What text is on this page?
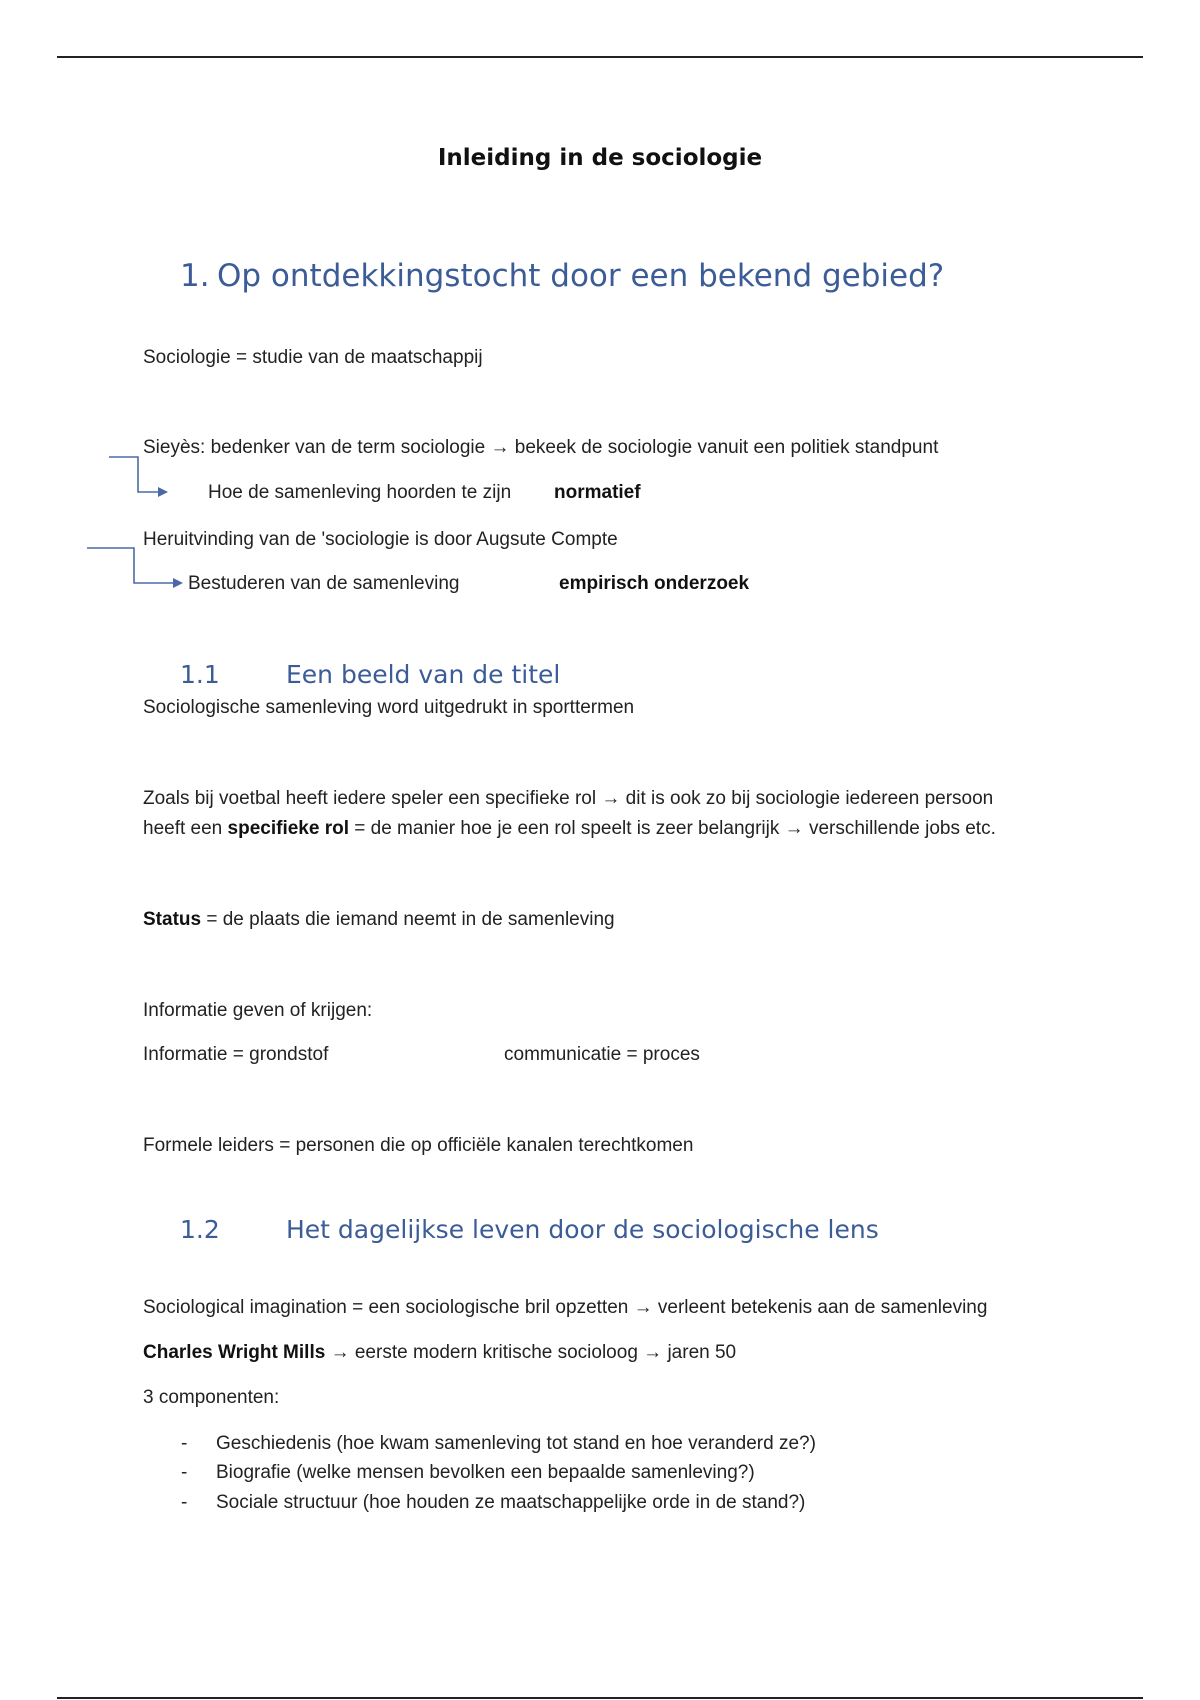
Inleiding in de sociologie
1. Op ontdekkingstocht door een bekend gebied?
Sociologie = studie van de maatschappij
Sieyès: bedenker van de term sociologie → bekeek de sociologie vanuit een politiek standpunt
Hoe de samenleving hoorden te zijn normatief
Heruitvinding van de 'sociologie is door Augsute Compte
Bestuderen van de samenleving	empirisch onderzoek
1.1	Een beeld van de titel
Sociologische samenleving word uitgedrukt in sporttermen
Zoals bij voetbal heeft iedere speler een specifieke rol → dit is ook zo bij sociologie iedereen persoon
heeft een specifieke rol = de manier hoe je een rol speelt is zeer belangrijk → verschillende jobs etc.
Status = de plaats die iemand neemt in de samenleving
Informatie geven of krijgen:
Informatie = grondstof	communicatie = proces
Formele leiders = personen die op officiële kanalen terechtkomen
1.2	Het dagelijkse leven door de sociologische lens
Sociological imagination = een sociologische bril opzetten → verleent betekenis aan de samenleving
Charles Wright Mills → eerste modern kritische socioloog → jaren 50
3 componenten:
- Geschiedenis (hoe kwam samenleving tot stand en hoe veranderd ze?)
- Biografie (welke mensen bevolken een bepaalde samenleving?)
- Sociale structuur (hoe houden ze maatschappelijke orde in de stand?)
